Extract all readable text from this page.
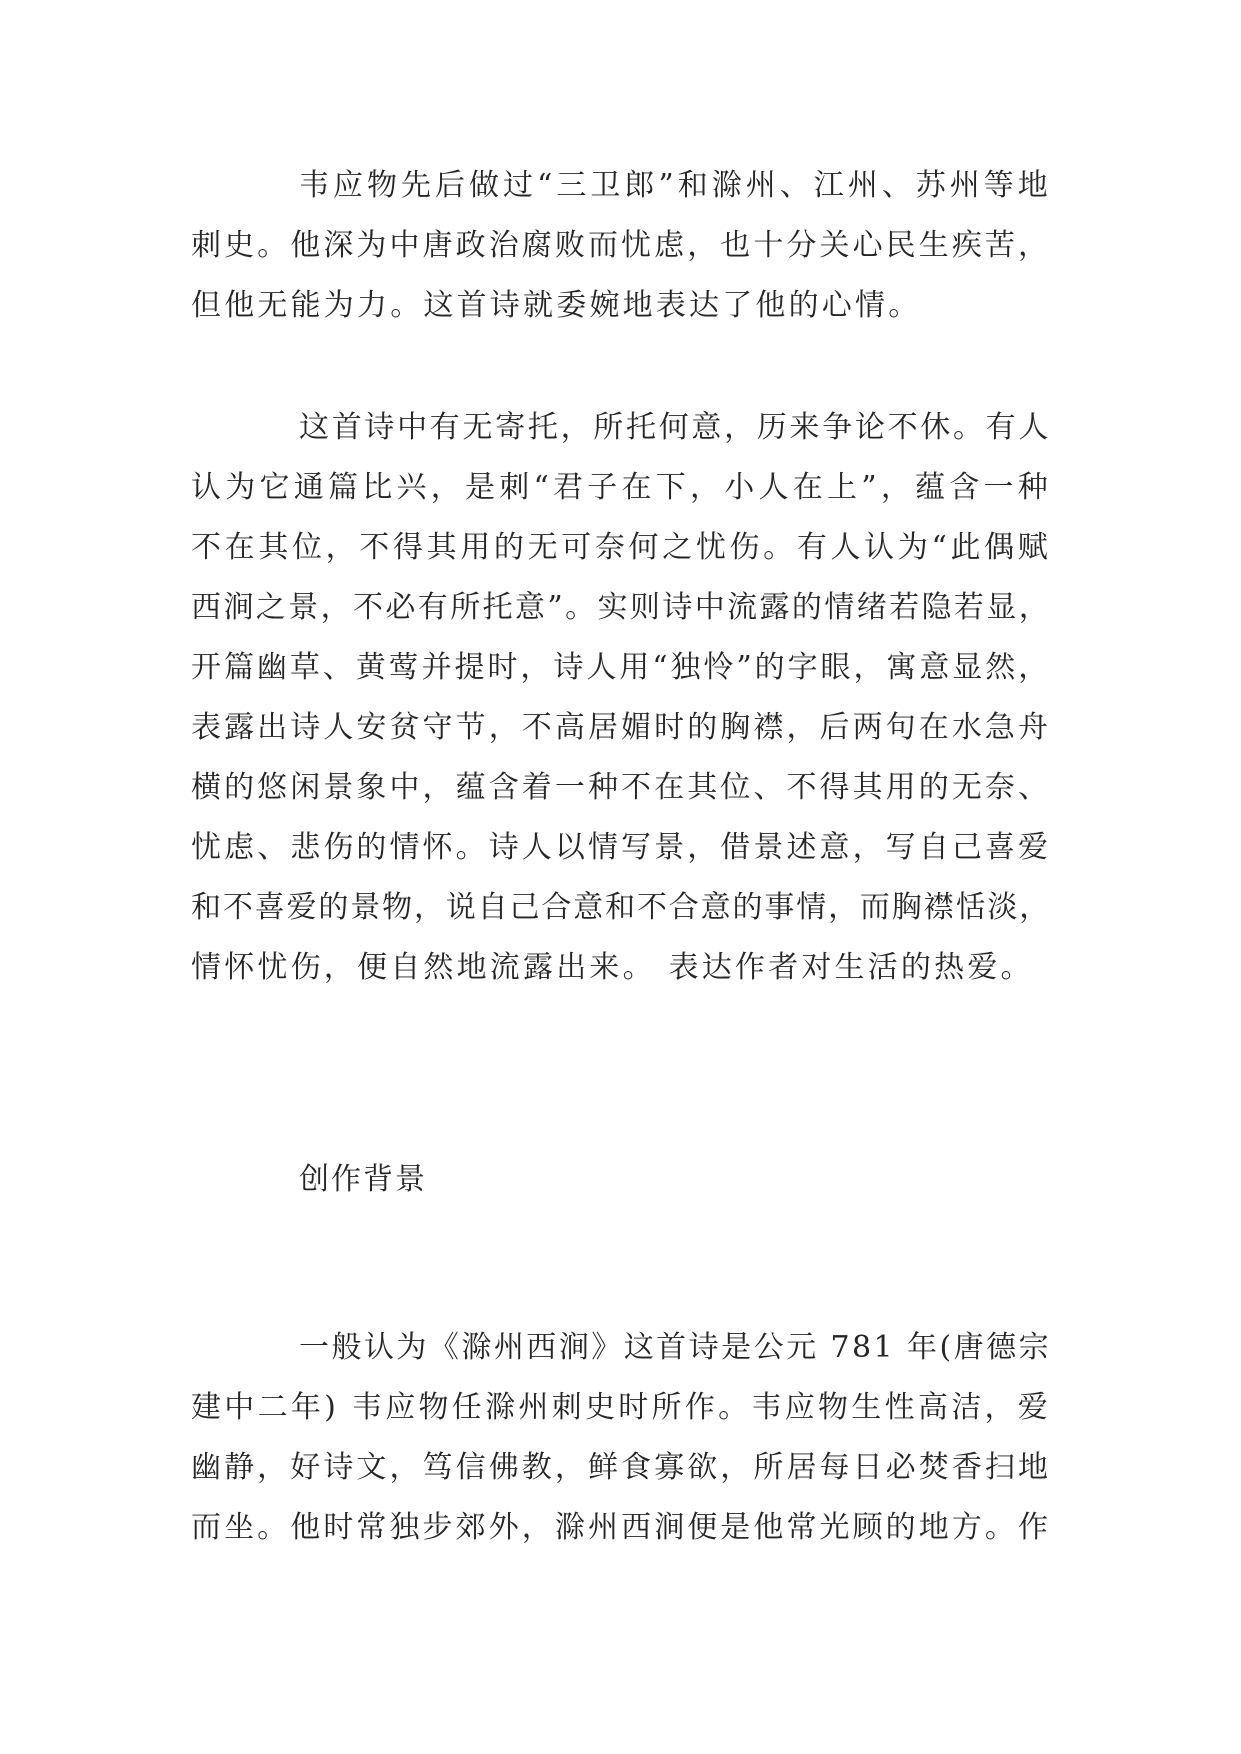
韦应物先后做过“三卫郎”和滁州、江州、苏州等地
刺史。他深为中唐政治腐败而忧虑，也十分关心民生疾苦，
但他无能为力。这首诗就委婉地表达了他的心情。
这首诗中有无寄托，所托何意，历来争论不休。有人
认为它通篇比兴，是刺“君子在下，小人在上”，蕴含一种
不在其位，不得其用的无可奈何之忧伤。有人认为“此偶赋
西涧之景，不必有所托意”。实则诗中流露的情绪若隐若显，
开篇幽草、黄莺并提时，诗人用“独怜”的字眼，寓意显然，
表露出诗人安贫守节，不高居媚时的胸襟，后两句在水急舟
横的悠闲景象中，蕴含着一种不在其位、不得其用的无奈、
忧虑、悲伤的情怀。诗人以情写景，借景述意，写自己喜爱
和不喜爱的景物，说自己合意和不合意的事情，而胸襟恬淡，
情怀忧伤，便自然地流露出来。 表达作者对生活的热爱。
创作背景
一般认为《滁州西涧》这首诗是公元 781 年(唐德宗
建中二年) 韦应物任滁州刺史时所作。韦应物生性高洁，爱
幽静，好诗文，笃信佛教，鲜食寡欲，所居每日必焚香扫地
而坐。他时常独步郊外，滁州西涧便是他常光顾的地方。作
